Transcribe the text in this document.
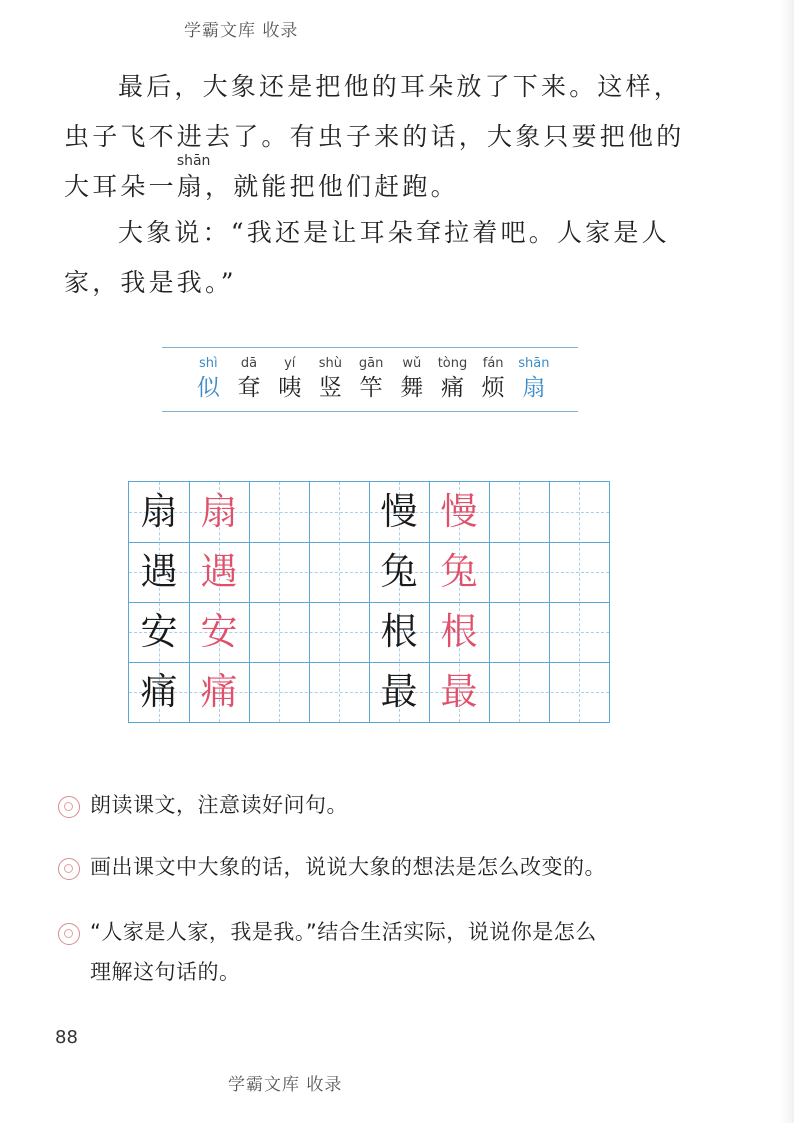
学霸文库 收录
最后，大象还是把他的耳朵放了下来。这样，
虫子飞不进去了。有虫子来的话，大象只要把他的
大耳朵一
shān
扇，就能把他们赶跑。
大象说：“我还是让耳朵耷拉着吧。人家是人
家，我是我。”
shì
似
dā
耷
yí
咦
shù
竖
gān
竿
wǔ
舞
tòng
痛
fán
烦
shān
扇
扇 扇
遇 遇
安 安
痛 痛
慢 慢
兔 兔
根 根
最 最
朗读课文，注意读好问句。
画出课文中大象的话，说说大象的想法是怎么改变的。
“人家是人家，我是我。”结合生活实际，说说你是怎么
理解这句话的。
88
学霸文库 收录
